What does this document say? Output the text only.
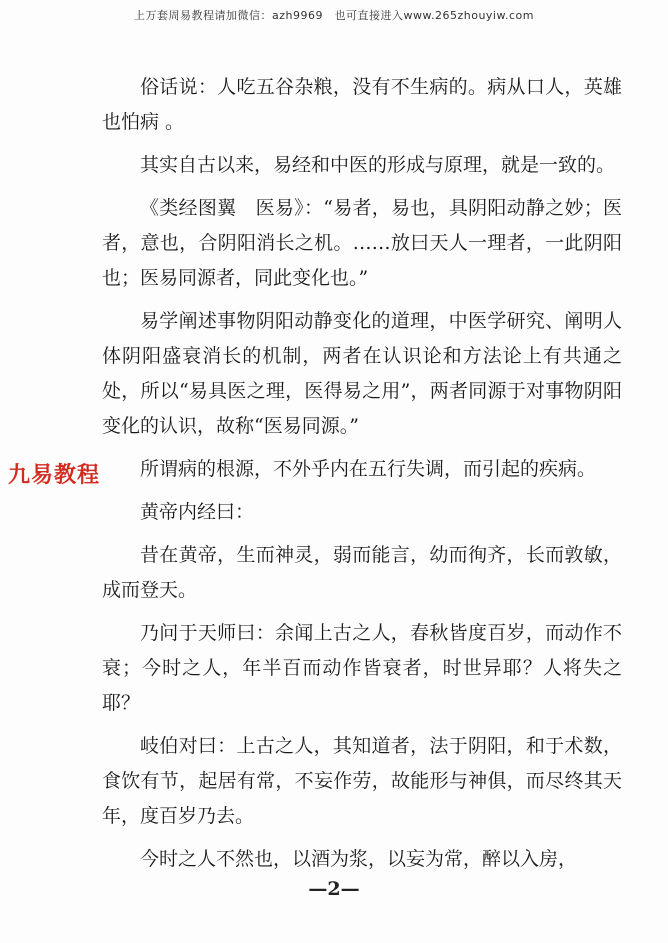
上万套周易教程请加微信：azh9969　也可直接进入www.265zhouyiw.com

俗话说：人吃五谷杂粮，没有不生病的。病从口人，英雄也怕病 。

其实自古以来，易经和中医的形成与原理，就是一致的。

《类经图翼　医易》：“易者，易也，具阴阳动静之妙；医者，意也，合阴阳消长之机。……放曰天人一理者，一此阴阳也；医易同源者，同此变化也。”

易学阐述事物阴阳动静变化的道理，中医学研究、阐明人体阴阳盛衰消长的机制，两者在认识论和方法论上有共通之处，所以“易具医之理，医得易之用”，两者同源于对事物阴阳变化的认识，故称“医易同源。”

所谓病的根源，不外乎内在五行失调，而引起的疾病。

黄帝内经曰：

昔在黄帝，生而神灵，弱而能言，幼而徇齐，长而敦敏，成而登天。

乃问于天师曰：余闻上古之人，春秋皆度百岁，而动作不衰；今时之人，年半百而动作皆衰者，时世异耶？人将失之耶？

岐伯对曰：上古之人，其知道者，法于阴阳，和于术数，食饮有节，起居有常，不妄作劳，故能形与神俱，而尽终其天年，度百岁乃去。

今时之人不然也，以酒为浆，以妄为常，醉以入房，

九易教程
—2—
